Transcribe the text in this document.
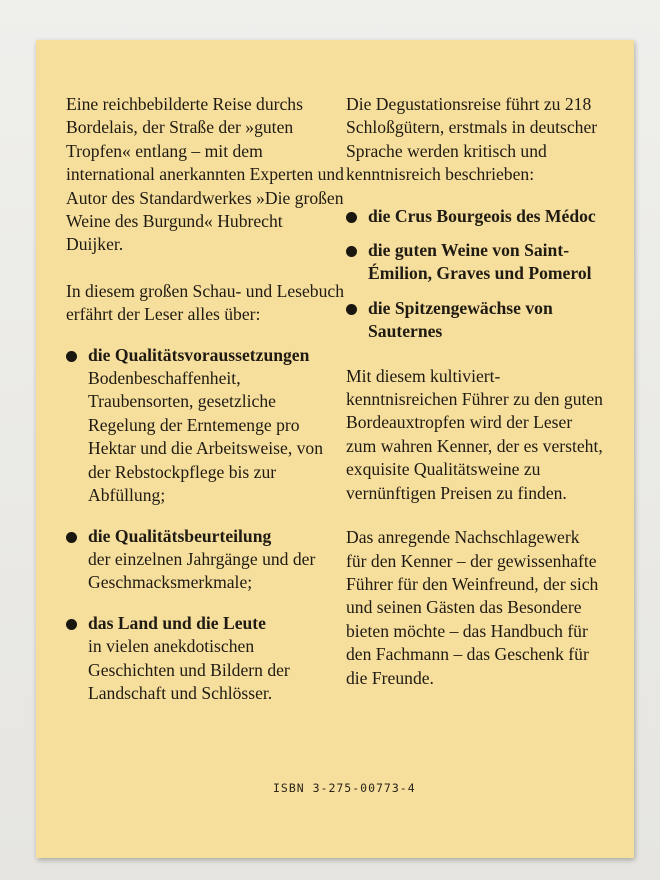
Eine reichbebilderte Reise durchs Bordelais, der Straße der »guten Tropfen« entlang – mit dem international anerkannten Experten und Autor des Standardwerkes »Die großen Weine des Burgund« Hubrecht Duijker.

In diesem großen Schau- und Lesebuch erfährt der Leser alles über:

die Qualitätsvoraussetzungen
Bodenbeschaffenheit, Traubensorten, gesetzliche Regelung der Erntemenge pro Hektar und die Arbeitsweise, von der Rebstockpflege bis zur Abfüllung;
die Qualitätsbeurteilung
der einzelnen Jahrgänge und der Geschmacksmerkmale;
das Land und die Leute
in vielen anekdotischen Geschichten und Bildern der Landschaft und Schlösser.

Die Degustationsreise führt zu 218 Schloßgütern, erstmals in deutscher Sprache werden kritisch und kenntnisreich beschrieben:

die Crus Bourgeois des Médoc
die guten Weine von Saint-Émilion, Graves und Pomerol
die Spitzengewächse von Sauternes

Mit diesem kultiviert-kenntnisreichen Führer zu den guten Bordeauxtropfen wird der Leser zum wahren Kenner, der es versteht, exquisite Qualitätsweine zu vernünftigen Preisen zu finden.

Das anregende Nachschlagewerk für den Kenner – der gewissenhafte Führer für den Weinfreund, der sich und seinen Gästen das Besondere bieten möchte – das Handbuch für den Fachmann – das Geschenk für die Freunde.

ISBN 3-275-00773-4
